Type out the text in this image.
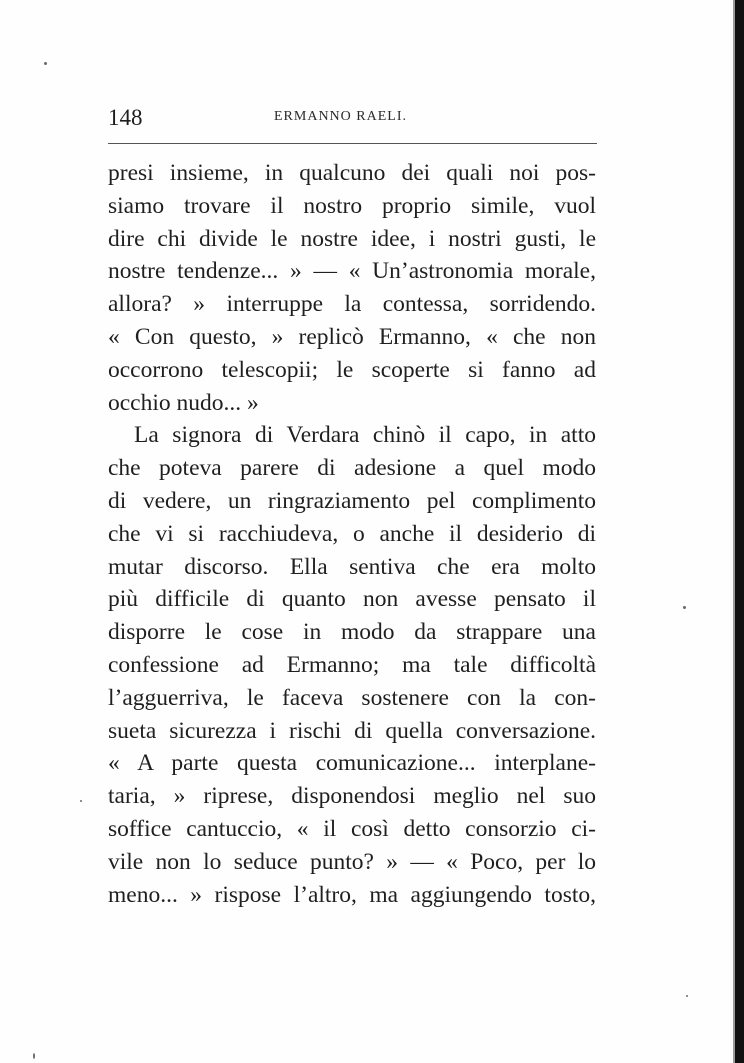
148	ERMANNO RAELI.
presi insieme, in qualcuno dei quali noi pos-
siamo trovare il nostro proprio simile, vuol
dire chi divide le nostre idee, i nostri gusti, le
nostre tendenze... » — « Un’astronomia morale,
allora? » interruppe la contessa, sorridendo.
« Con questo, » replicò Ermanno, « che non
occorrono telescopii; le scoperte si fanno ad
occhio nudo... »
La signora di Verdara chinò il capo, in atto
che poteva parere di adesione a quel modo
di vedere, un ringraziamento pel complimento
che vi si racchiudeva, o anche il desiderio di
mutar discorso. Ella sentiva che era molto
più difficile di quanto non avesse pensato il
disporre le cose in modo da strappare una
confessione ad Ermanno; ma tale difficoltà
l’agguerriva, le faceva sostenere con la con-
sueta sicurezza i rischi di quella conversazione.
« A parte questa comunicazione... interplane-
taria, » riprese, disponendosi meglio nel suo
soffice cantuccio, « il così detto consorzio ci-
vile non lo seduce punto? » — « Poco, per lo
meno... » rispose l’altro, ma aggiungendo tosto,
